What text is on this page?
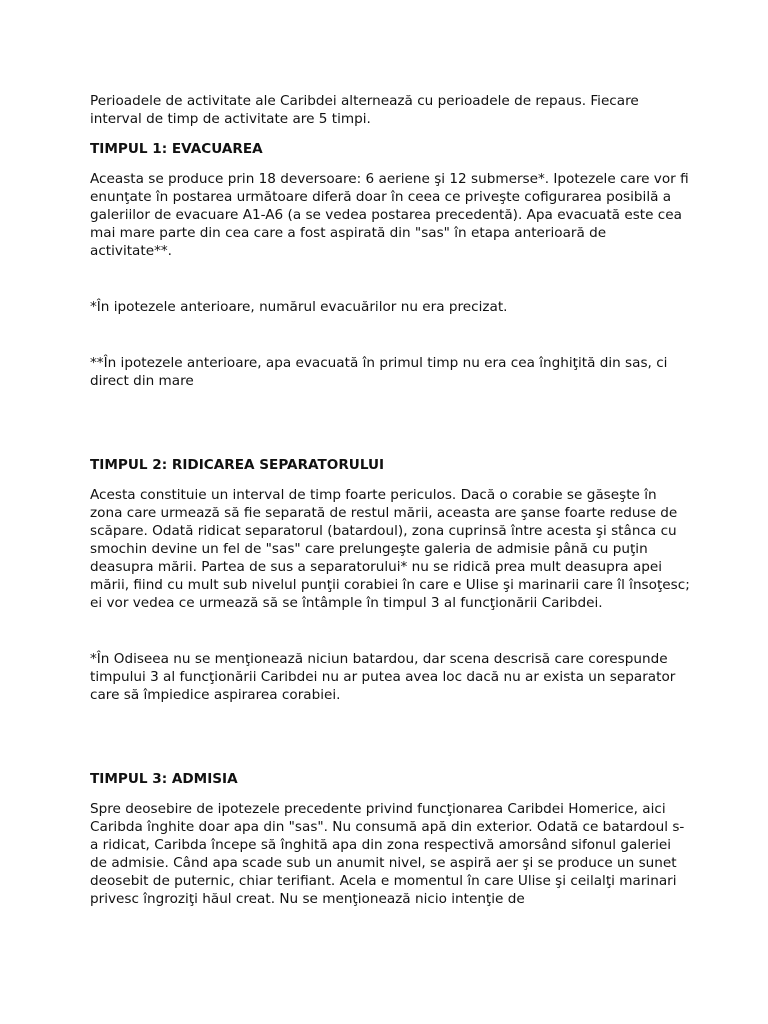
Perioadele de activitate ale Caribdei alternează cu perioadele de repaus. Fiecare interval de timp de activitate are 5 timpi.

TIMPUL 1: EVACUAREA

Aceasta se produce prin 18 deversoare: 6 aeriene şi 12 submerse*. Ipotezele care vor fi enunţate în postarea următoare diferă doar în ceea ce priveşte cofigurarea posibilă a galeriilor de evacuare A1-A6 (a se vedea postarea precedentă). Apa evacuată este cea mai mare parte din cea care a fost aspirată din "sas" în etapa anterioară de activitate**.

*În ipotezele anterioare, numărul evacuărilor nu era precizat.

**În ipotezele anterioare, apa evacuată în primul timp nu era cea înghiţită din sas, ci direct din mare

TIMPUL 2: RIDICAREA SEPARATORULUI

Acesta constituie un interval de timp foarte periculos. Dacă o corabie se găseşte în zona care urmează să fie separată de restul mării, aceasta are şanse foarte reduse de scăpare. Odată ridicat separatorul (batardoul), zona cuprinsă între acesta şi stânca cu smochin devine un fel de "sas" care prelungeşte galeria de admisie până cu puţin deasupra mării. Partea de sus a separatorului* nu se ridică prea mult deasupra apei mării, fiind cu mult sub nivelul punţii corabiei în care e Ulise şi marinarii care îl însoţesc; ei vor vedea ce urmează să se întâmple în timpul 3 al funcţionării Caribdei.

*În Odiseea nu se menţionează niciun batardou, dar scena descrisă care corespunde timpului 3 al funcţionării Caribdei nu ar putea avea loc dacă nu ar exista un separator care să împiedice aspirarea corabiei.

TIMPUL 3: ADMISIA

Spre deosebire de ipotezele precedente privind funcţionarea Caribdei Homerice, aici Caribda înghite doar apa din "sas". Nu consumă apă din exterior. Odată ce batardoul s-a ridicat, Caribda începe să înghită apa din zona respectivă amorsând sifonul galeriei de admisie. Când apa scade sub un anumit nivel, se aspiră aer şi se produce un sunet deosebit de puternic, chiar terifiant. Acela e momentul în care Ulise şi ceilalţi marinari privesc îngroziţi hăul creat. Nu se menţionează nicio intenţie de
